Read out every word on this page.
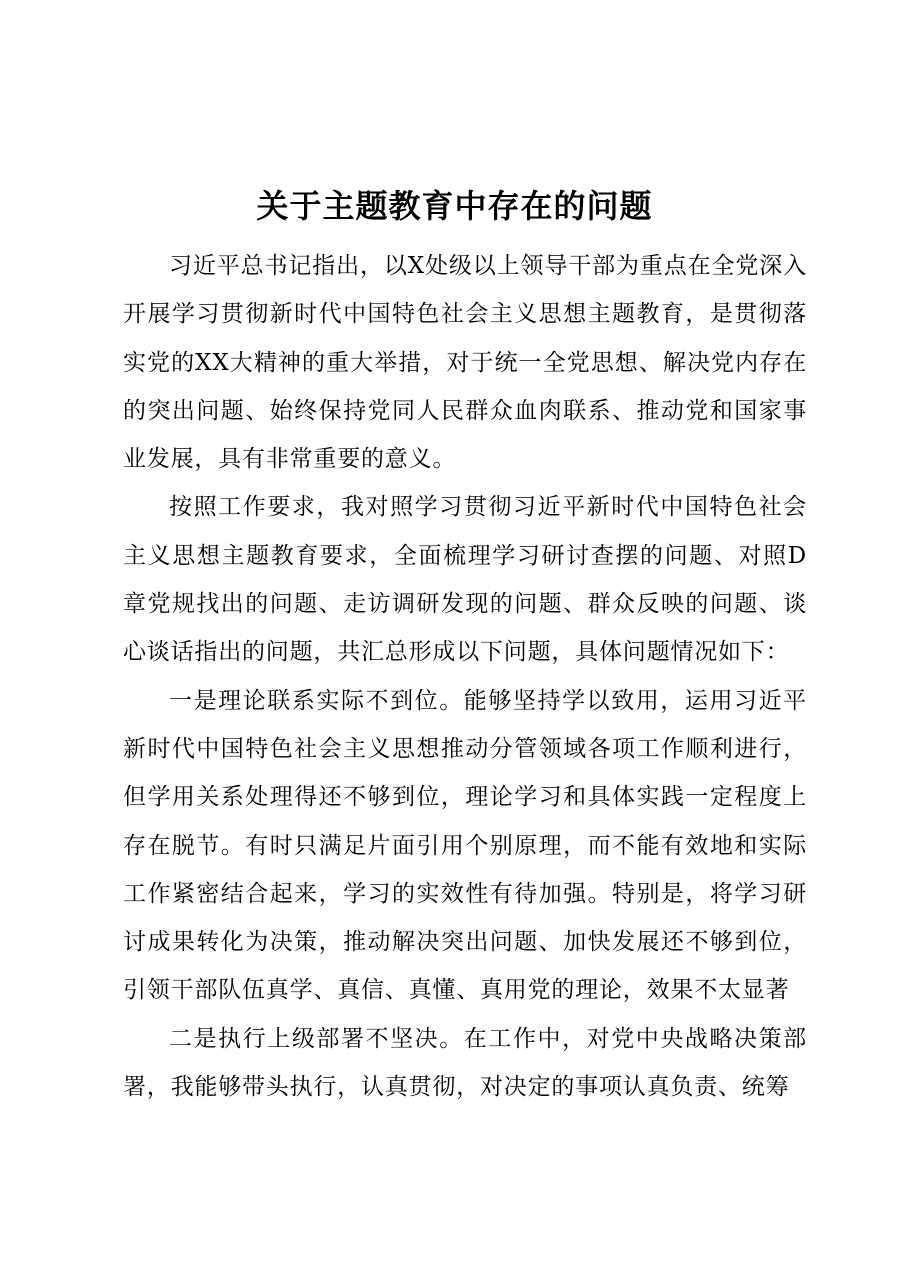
关于主题教育中存在的问题

习近平总书记指出，以X处级以上领导干部为重点在全党深入开展学习贯彻新时代中国特色社会主义思想主题教育，是贯彻落实党的XX大精神的重大举措，对于统一全党思想、解决党内存在的突出问题、始终保持党同人民群众血肉联系、推动党和国家事业发展，具有非常重要的意义。

按照工作要求，我对照学习贯彻习近平新时代中国特色社会主义思想主题教育要求，全面梳理学习研讨查摆的问题、对照D章党规找出的问题、走访调研发现的问题、群众反映的问题、谈心谈话指出的问题，共汇总形成以下问题，具体问题情况如下：

一是理论联系实际不到位。能够坚持学以致用，运用习近平新时代中国特色社会主义思想推动分管领域各项工作顺利进行，但学用关系处理得还不够到位，理论学习和具体实践一定程度上存在脱节。有时只满足片面引用个别原理，而不能有效地和实际工作紧密结合起来，学习的实效性有待加强。特别是，将学习研讨成果转化为决策，推动解决突出问题、加快发展还不够到位，引领干部队伍真学、真信、真懂、真用党的理论，效果不太显著

二是执行上级部署不坚决。在工作中，对党中央战略决策部署，我能够带头执行，认真贯彻，对决定的事项认真负责、统筹
